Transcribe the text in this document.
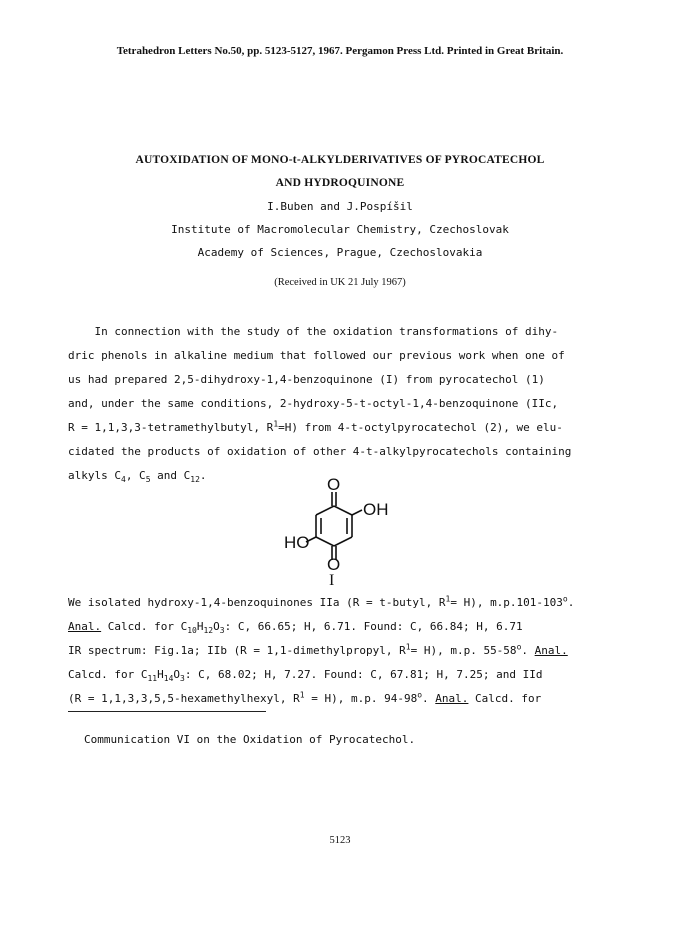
Tetrahedron Letters No.50, pp. 5123-5127, 1967. Pergamon Press Ltd. Printed in Great Britain.
AUTOXIDATION OF MONO-t-ALKYLDERIVATIVES OF PYROCATECHOL
AND HYDROQUINONE
I.Buben and J.Pospíšil
Institute of Macromolecular Chemistry, Czechoslovak
Academy of Sciences, Prague, Czechoslovakia
(Received in UK 21 July 1967)
In connection with the study of the oxidation transformations of dihy-
dric phenols in alkaline medium that followed our previous work when one of
us had prepared 2,5-dihydroxy-1,4-benzoquinone (I) from pyrocatechol (1)
and, under the same conditions, 2-hydroxy-5-t-octyl-1,4-benzoquinone (IIc,
R = 1,1,3,3-tetramethylbutyl, $R^1=H$) from 4-t-octylpyrocatechol (2), we elu-
cidated the products of oxidation of other 4-t-alkylpyrocatechols containing
alkyls $C_4$, $C_5$ and $C_{12}$.	O
OH
HO
O
I
We isolated hydroxy-1,4-benzoquinones IIa (R = t-butyl, $R^1= H$), m.p.101-103$^o$.
Anal. Calcd. for $C_{10}H_{12}O_3$: C, 66.65; H, 6.71. Found: C, 66.84; H, 6.71
IR spectrum: Fig.1a; IIb (R = 1,1-dimethylpropyl, $R^1= H$), m.p. 55-58$^o$. Anal.
Calcd. for $C_{11}H_{14}O_3$: C, 68.02; H, 7.27. Found: C, 67.81; H, 7.25; and IId
(R = 1,1,3,3,5,5-hexamethylhexyl, $R^1 = H$), m.p. 94-98$^o$. Anal. Calcd. for
Communication VI on the Oxidation of Pyrocatechol.
5123
